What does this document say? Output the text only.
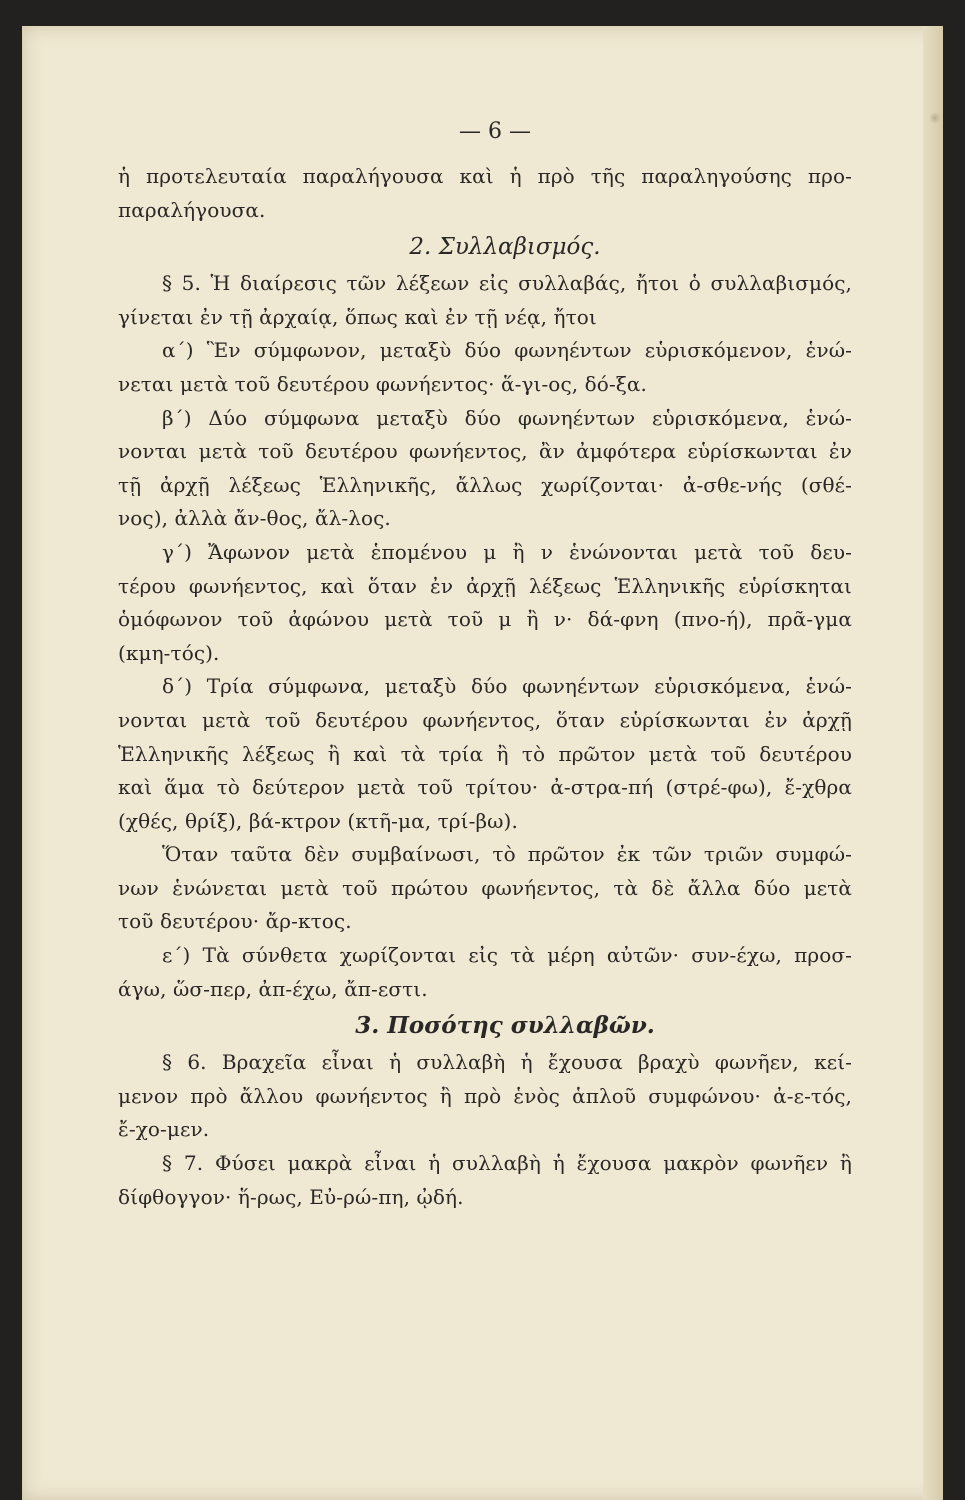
— 6 —
ἡ προτελευταία παραλήγουσα καὶ ἡ πρὸ τῆς παραληγούσης προ-
παραλήγουσα.
2. Συλλαβισμός.
§ 5. Ἡ διαίρεσις τῶν λέξεων εἰς συλλαβάς, ἤτοι ὁ συλλαβισμός,
γίνεται ἐν τῇ ἀρχαίᾳ, ὅπως καὶ ἐν τῇ νέᾳ, ἤτοι
α΄) Ἓν σύμφωνον, μεταξὺ δύο φωνηέντων εὑρισκόμενον, ἑνώ-
νεται μετὰ τοῦ δευτέρου φωνήεντος· ἅ-γι-ος, δό-ξα.
β΄) Δύο σύμφωνα μεταξὺ δύο φωνηέντων εὑρισκόμενα, ἑνώ-
νονται μετὰ τοῦ δευτέρου φωνήεντος, ἂν ἀμφότερα εὑρίσκωνται ἐν
τῇ ἀρχῇ λέξεως Ἑλληνικῆς, ἄλλως χωρίζονται· ἀ-σθε-νής (σθέ-
νος), ἀλλὰ ἄν-θος, ἄλ-λος.
γ΄) Ἄφωνον μετὰ ἑπομένου μ ἢ ν ἑνώνονται μετὰ τοῦ δευ-
τέρου φωνήεντος, καὶ ὅταν ἐν ἀρχῇ λέξεως Ἑλληνικῆς εὑρίσκηται
ὁμόφωνον τοῦ ἀφώνου μετὰ τοῦ μ ἢ ν· δά-φνη (πνο-ή), πρᾶ-γμα
(κμη-τός).
δ΄) Τρία σύμφωνα, μεταξὺ δύο φωνηέντων εὑρισκόμενα, ἑνώ-
νονται μετὰ τοῦ δευτέρου φωνήεντος, ὅταν εὑρίσκωνται ἐν ἀρχῇ
Ἑλληνικῆς λέξεως ἢ καὶ τὰ τρία ἢ τὸ πρῶτον μετὰ τοῦ δευτέρου
καὶ ἅμα τὸ δεύτερον μετὰ τοῦ τρίτου· ἀ-στρα-πή (στρέ-φω), ἔ-χθρα
(χθές, θρίξ), βά-κτρον (κτῆ-μα, τρί-βω).
Ὅταν ταῦτα δὲν συμβαίνωσι, τὸ πρῶτον ἐκ τῶν τριῶν συμφώ-
νων ἑνώνεται μετὰ τοῦ πρώτου φωνήεντος, τὰ δὲ ἄλλα δύο μετὰ
τοῦ δευτέρου· ἄρ-κτος.
ε΄) Τὰ σύνθετα χωρίζονται εἰς τὰ μέρη αὐτῶν· συν-έχω, προσ-
άγω, ὥσ-περ, ἀπ-έχω, ἄπ-εστι.
3. Ποσότης συλλαβῶν.
§ 6. Βραχεῖα εἶναι ἡ συλλαβὴ ἡ ἔχουσα βραχὺ φωνῆεν, κεί-
μενον πρὸ ἄλλου φωνήεντος ἢ πρὸ ἑνὸς ἁπλοῦ συμφώνου· ἀ-ε-τός,
ἔ-χο-μεν.
§ 7. Φύσει μακρὰ εἶναι ἡ συλλαβὴ ἡ ἔχουσα μακρὸν φωνῆεν ἢ
δίφθογγον· ἥ-ρως, Εὐ-ρώ-πη, ᾠδή.
